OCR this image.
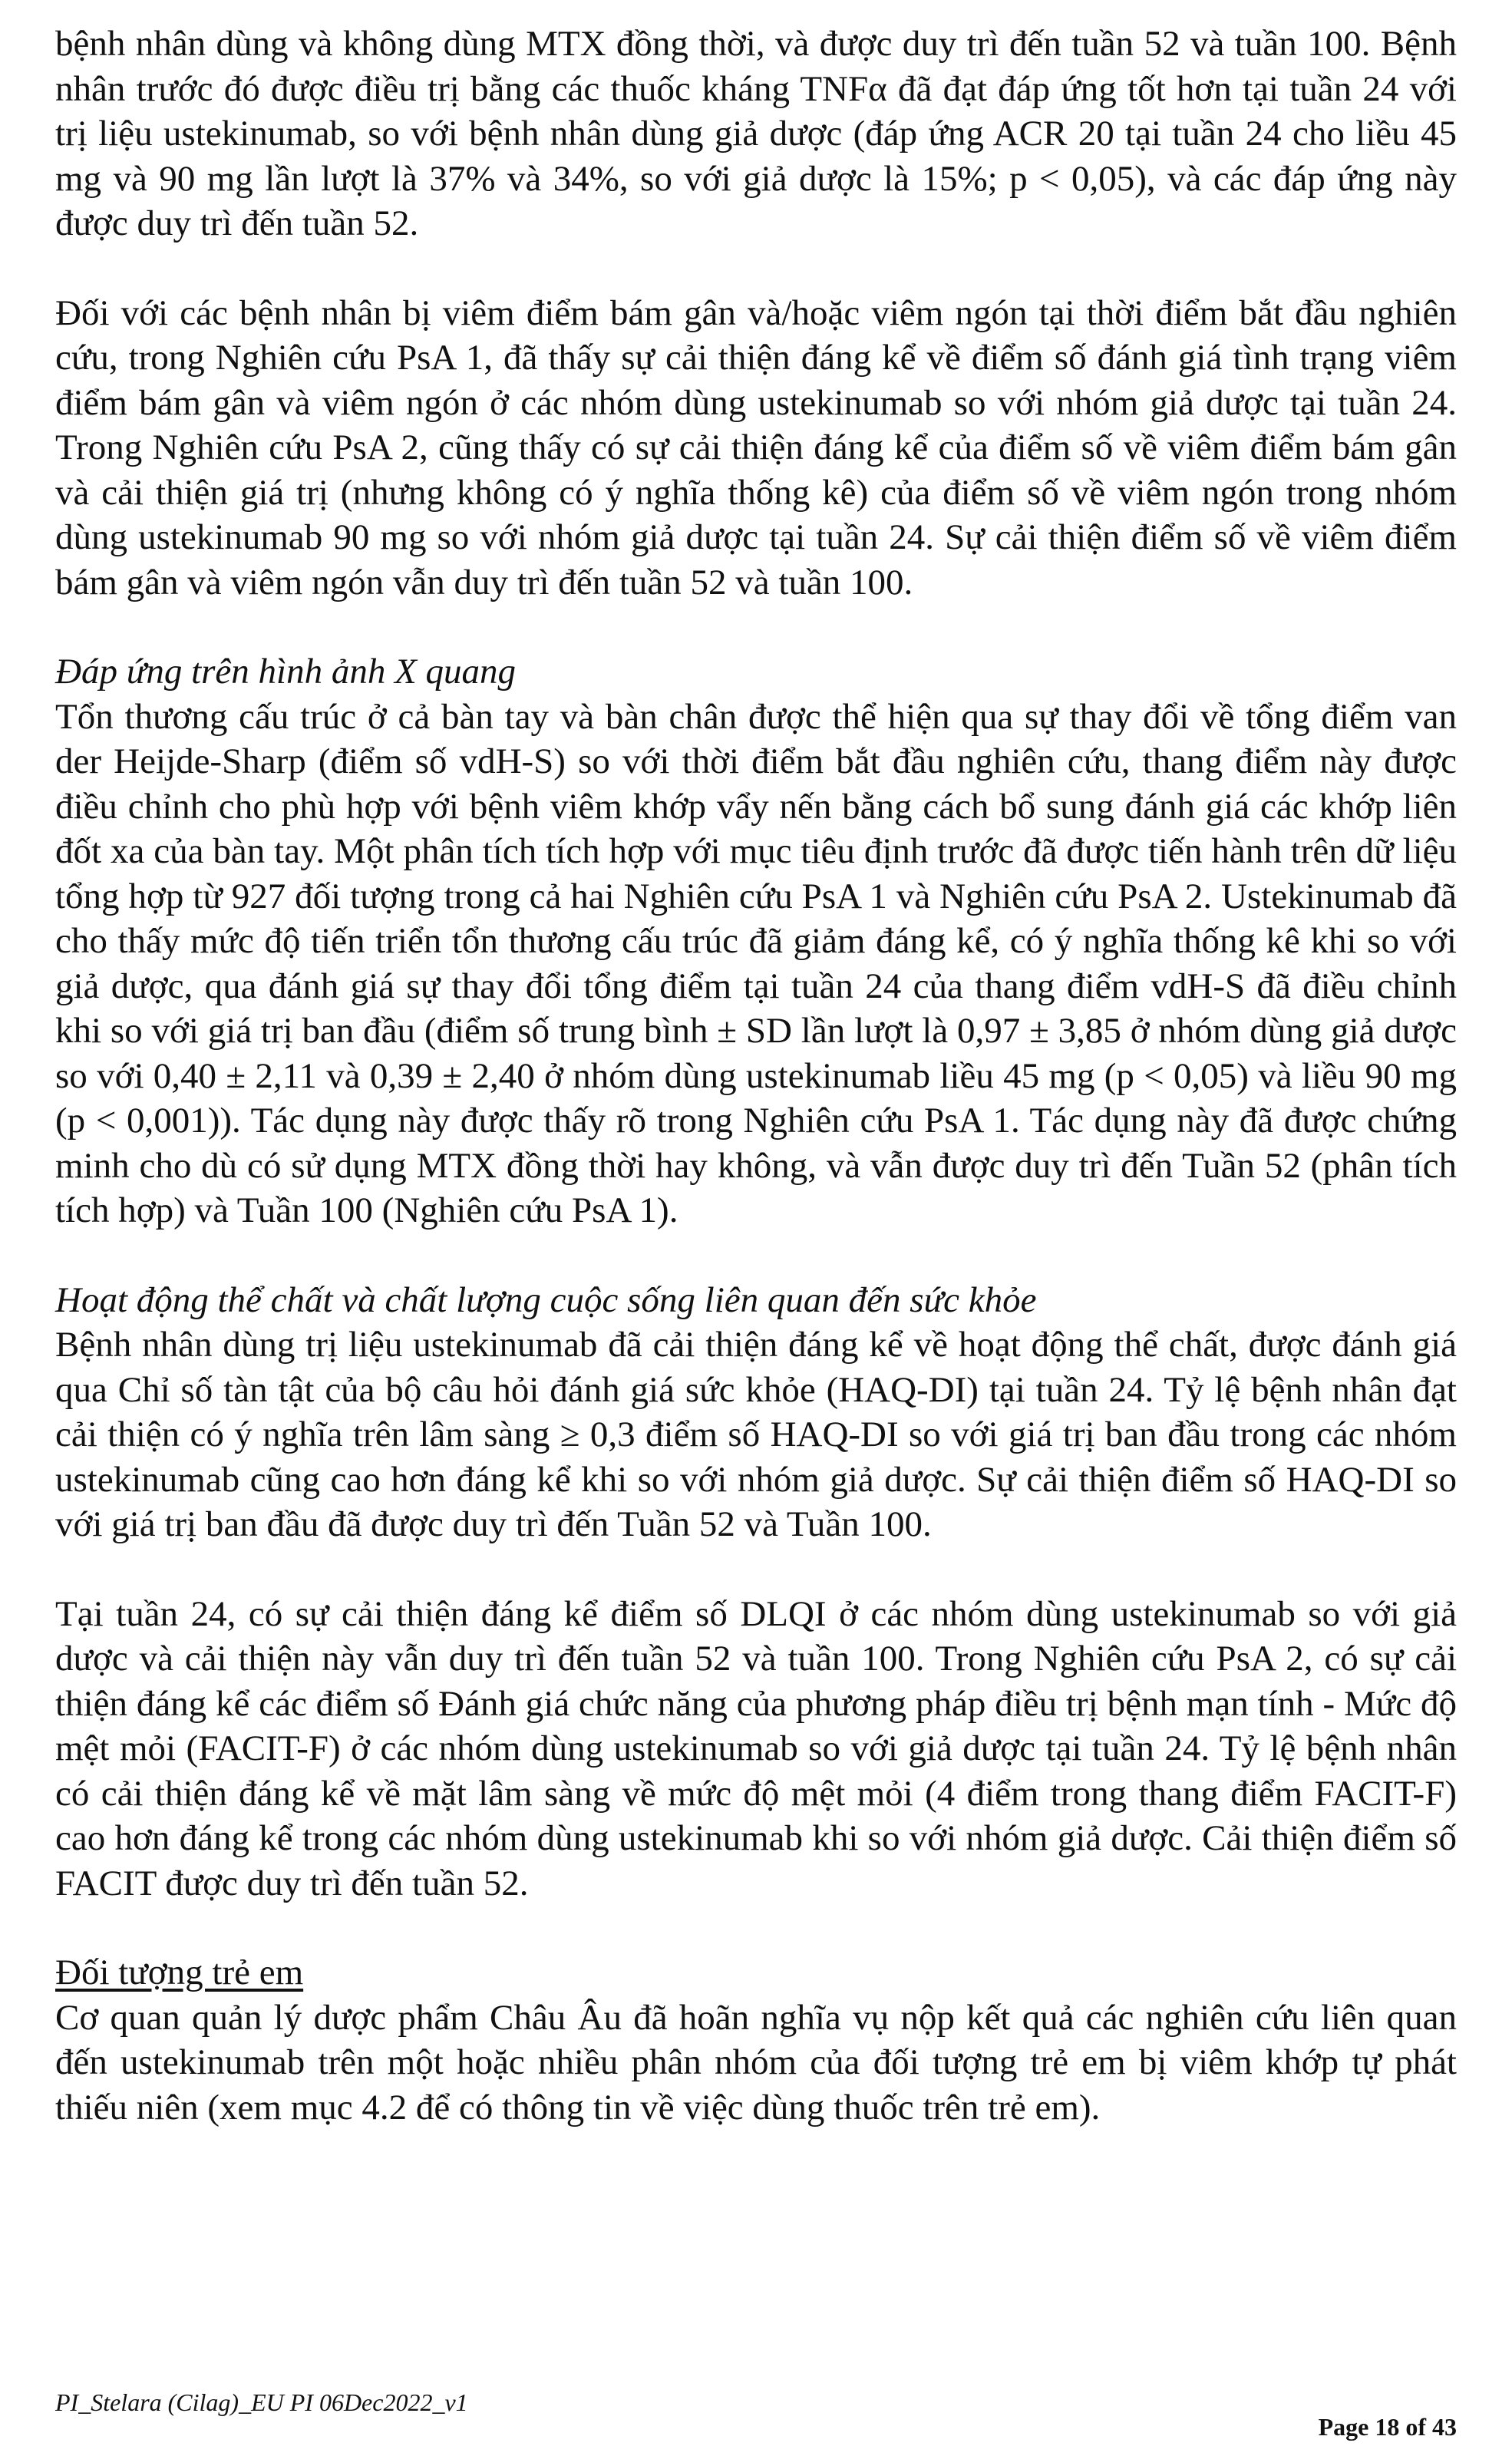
bệnh nhân dùng và không dùng MTX đồng thời, và được duy trì đến tuần 52 và tuần 100. Bệnh nhân trước đó được điều trị bằng các thuốc kháng TNFα đã đạt đáp ứng tốt hơn tại tuần 24 với trị liệu ustekinumab, so với bệnh nhân dùng giả dược (đáp ứng ACR 20 tại tuần 24 cho liều 45 mg và 90 mg lần lượt là 37% và 34%, so với giả dược là 15%; p < 0,05), và các đáp ứng này được duy trì đến tuần 52.

Đối với các bệnh nhân bị viêm điểm bám gân và/hoặc viêm ngón tại thời điểm bắt đầu nghiên cứu, trong Nghiên cứu PsA 1, đã thấy sự cải thiện đáng kể về điểm số đánh giá tình trạng viêm điểm bám gân và viêm ngón ở các nhóm dùng ustekinumab so với nhóm giả dược tại tuần 24. Trong Nghiên cứu PsA 2, cũng thấy có sự cải thiện đáng kể của điểm số về viêm điểm bám gân và cải thiện giá trị (nhưng không có ý nghĩa thống kê) của điểm số về viêm ngón trong nhóm dùng ustekinumab 90 mg so với nhóm giả dược tại tuần 24. Sự cải thiện điểm số về viêm điểm bám gân và viêm ngón vẫn duy trì đến tuần 52 và tuần 100.

Đáp ứng trên hình ảnh X quang

Tổn thương cấu trúc ở cả bàn tay và bàn chân được thể hiện qua sự thay đổi về tổng điểm van der Heijde-Sharp (điểm số vdH-S) so với thời điểm bắt đầu nghiên cứu, thang điểm này được điều chỉnh cho phù hợp với bệnh viêm khớp vẩy nến bằng cách bổ sung đánh giá các khớp liên đốt xa của bàn tay. Một phân tích tích hợp với mục tiêu định trước đã được tiến hành trên dữ liệu tổng hợp từ 927 đối tượng trong cả hai Nghiên cứu PsA 1 và Nghiên cứu PsA 2. Ustekinumab đã cho thấy mức độ tiến triển tổn thương cấu trúc đã giảm đáng kể, có ý nghĩa thống kê khi so với giả dược, qua đánh giá sự thay đổi tổng điểm tại tuần 24 của thang điểm vdH-S đã điều chỉnh khi so với giá trị ban đầu (điểm số trung bình ± SD lần lượt là 0,97 ± 3,85 ở nhóm dùng giả dược so với 0,40 ± 2,11 và 0,39 ± 2,40 ở nhóm dùng ustekinumab liều 45 mg (p < 0,05) và liều 90 mg (p < 0,001)). Tác dụng này được thấy rõ trong Nghiên cứu PsA 1. Tác dụng này đã được chứng minh cho dù có sử dụng MTX đồng thời hay không, và vẫn được duy trì đến Tuần 52 (phân tích tích hợp) và Tuần 100 (Nghiên cứu PsA 1).

Hoạt động thể chất và chất lượng cuộc sống liên quan đến sức khỏe

Bệnh nhân dùng trị liệu ustekinumab đã cải thiện đáng kể về hoạt động thể chất, được đánh giá qua Chỉ số tàn tật của bộ câu hỏi đánh giá sức khỏe (HAQ-DI) tại tuần 24. Tỷ lệ bệnh nhân đạt cải thiện có ý nghĩa trên lâm sàng ≥ 0,3 điểm số HAQ-DI so với giá trị ban đầu trong các nhóm ustekinumab cũng cao hơn đáng kể khi so với nhóm giả dược. Sự cải thiện điểm số HAQ-DI so với giá trị ban đầu đã được duy trì đến Tuần 52 và Tuần 100.

Tại tuần 24, có sự cải thiện đáng kể điểm số DLQI ở các nhóm dùng ustekinumab so với giả dược và cải thiện này vẫn duy trì đến tuần 52 và tuần 100. Trong Nghiên cứu PsA 2, có sự cải thiện đáng kể các điểm số Đánh giá chức năng của phương pháp điều trị bệnh mạn tính - Mức độ mệt mỏi (FACIT-F) ở các nhóm dùng ustekinumab so với giả dược tại tuần 24. Tỷ lệ bệnh nhân có cải thiện đáng kể về mặt lâm sàng về mức độ mệt mỏi (4 điểm trong thang điểm FACIT-F) cao hơn đáng kể trong các nhóm dùng ustekinumab khi so với nhóm giả dược. Cải thiện điểm số FACIT được duy trì đến tuần 52.

Đối tượng trẻ em

Cơ quan quản lý dược phẩm Châu Âu đã hoãn nghĩa vụ nộp kết quả các nghiên cứu liên quan đến ustekinumab trên một hoặc nhiều phân nhóm của đối tượng trẻ em bị viêm khớp tự phát thiếu niên (xem mục 4.2 để có thông tin về việc dùng thuốc trên trẻ em).

PI_Stelara (Cilag)_EU PI 06Dec2022_v1
Page 18 of 43
